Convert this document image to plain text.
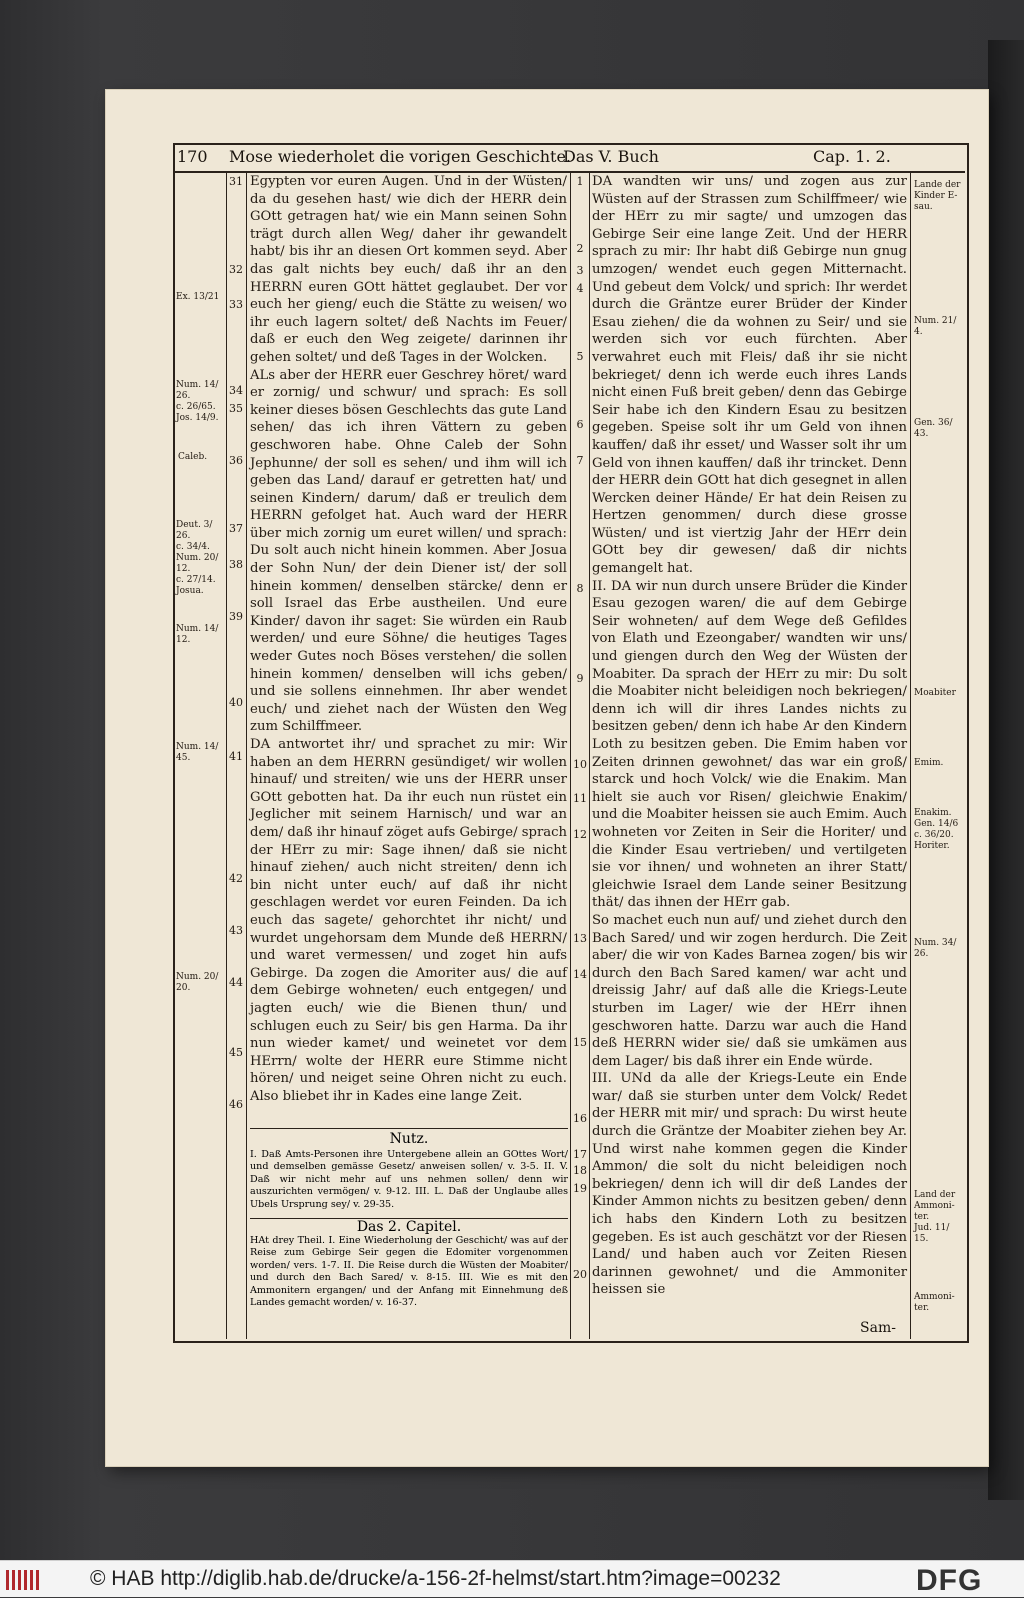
170 Mose wiederholet die vorigen Geschichte.
Das V. Buch	Cap. 1. 2.
Ex. 13/21
Num. 14/
26.
c. 26/65.
Jos. 14/9.
Caleb.
Deut. 3/
26.
c. 34/4.
Num. 20/
12.
c. 27/14.
Josua.
Num. 14/
12.
Num. 14/
45.
Num. 20/
20.
31
32
33
34
35
36
37
38
39
40
41
42
43
44
45
46

Egypten vor euren Augen. Und in der Wüsten/ da du gesehen hast/ wie dich der HERR dein GOtt getragen hat/ wie ein Mann seinen Sohn trägt durch allen Weg/ daher ihr gewandelt habt/ bis ihr an diesen Ort kommen seyd. Aber das galt nichts bey euch/ daß ihr an den HERRN euren GOtt hättet geglaubet. Der vor euch her gieng/ euch die Stätte zu weisen/ wo ihr euch lagern soltet/ deß Nachts im Feuer/ daß er euch den Weg zeigete/ darinnen ihr gehen soltet/ und deß Tages in der Wolcken.

ALs aber der HERR euer Geschrey höret/ ward er zornig/ und schwur/ und sprach: Es soll keiner dieses bösen Geschlechts das gute Land sehen/ das ich ihren Vättern zu geben geschworen habe. Ohne Caleb der Sohn Jephunne/ der soll es sehen/ und ihm will ich geben das Land/ darauf er getretten hat/ und seinen Kindern/ darum/ daß er treulich dem HERRN gefolget hat. Auch ward der HERR über mich zornig um euret willen/ und sprach: Du solt auch nicht hinein kommen. Aber Josua der Sohn Nun/ der dein Diener ist/ der soll hinein kommen/ denselben stärcke/ denn er soll Israel das Erbe austheilen. Und eure Kinder/ davon ihr saget: Sie würden ein Raub werden/ und eure Söhne/ die heutiges Tages weder Gutes noch Böses verstehen/ die sollen hinein kommen/ denselben will ichs geben/ und sie sollens einnehmen. Ihr aber wendet euch/ und ziehet nach der Wüsten den Weg zum Schilffmeer.

DA antwortet ihr/ und sprachet zu mir: Wir haben an dem HERRN gesündiget/ wir wollen hinauf/ und streiten/ wie uns der HERR unser GOtt gebotten hat. Da ihr euch nun rüstet ein Jeglicher mit seinem Harnisch/ und war an dem/ daß ihr hinauf zöget aufs Gebirge/ sprach der HErr zu mir: Sage ihnen/ daß sie nicht hinauf ziehen/ auch nicht streiten/ denn ich bin nicht unter euch/ auf daß ihr nicht geschlagen werdet vor euren Feinden. Da ich euch das sagete/ gehorchtet ihr nicht/ und wurdet ungehorsam dem Munde deß HERRN/ und waret vermessen/ und zoget hin aufs Gebirge. Da zogen die Amoriter aus/ die auf dem Gebirge wohneten/ euch entgegen/ und jagten euch/ wie die Bienen thun/ und schlugen euch zu Seir/ bis gen Harma. Da ihr nun wieder kamet/ und weinetet vor dem HErrn/ wolte der HERR eure Stimme nicht hören/ und neiget seine Ohren nicht zu euch. Also bliebet ihr in Kades eine lange Zeit.

Nutz.
I. Daß Amts-Personen ihre Untergebene allein an GOttes Wort/ und demselben gemässe Gesetz/ anweisen sollen/ v. 3-5. II. V. Daß wir nicht mehr auf uns nehmen sollen/ denn wir auszurichten vermögen/ v. 9-12. III. L. Daß der Unglaube alles Ubels Ursprung sey/ v. 29-35.
Das 2. Capitel.
HAt drey Theil. I. Eine Wiederholung der Geschicht/ was auf der Reise zum Gebirge Seir gegen die Edomiter vorgenommen worden/ vers. 1-7. II. Die Reise durch die Wüsten der Moabiter/ und durch den Bach Sared/ v. 8-15. III. Wie es mit den Ammonitern ergangen/ und der Anfang mit Einnehmung deß Landes gemacht worden/ v. 16-37.
1
2
3
4
5
6
7
8
9
10
11
12
13
14
15
16
17
18
19
20

DA wandten wir uns/ und zogen aus zur Wüsten auf der Strassen zum Schilffmeer/ wie der HErr zu mir sagte/ und umzogen das Gebirge Seir eine lange Zeit. Und der HERR sprach zu mir: Ihr habt diß Gebirge nun gnug umzogen/ wendet euch gegen Mitternacht. Und gebeut dem Volck/ und sprich: Ihr werdet durch die Gräntze eurer Brüder der Kinder Esau ziehen/ die da wohnen zu Seir/ und sie werden sich vor euch fürchten. Aber verwahret euch mit Fleis/ daß ihr sie nicht bekrieget/ denn ich werde euch ihres Lands nicht einen Fuß breit geben/ denn das Gebirge Seir habe ich den Kindern Esau zu besitzen gegeben. Speise solt ihr um Geld von ihnen kauffen/ daß ihr esset/ und Wasser solt ihr um Geld von ihnen kauffen/ daß ihr trincket. Denn der HERR dein GOtt hat dich gesegnet in allen Wercken deiner Hände/ Er hat dein Reisen zu Hertzen genommen/ durch diese grosse Wüsten/ und ist viertzig Jahr der HErr dein GOtt bey dir gewesen/ daß dir nichts gemangelt hat.

II. DA wir nun durch unsere Brüder die Kinder Esau gezogen waren/ die auf dem Gebirge Seir wohneten/ auf dem Wege deß Gefildes von Elath und Ezeongaber/ wandten wir uns/ und giengen durch den Weg der Wüsten der Moabiter. Da sprach der HErr zu mir: Du solt die Moabiter nicht beleidigen noch bekriegen/ denn ich will dir ihres Landes nichts zu besitzen geben/ denn ich habe Ar den Kindern Loth zu besitzen geben. Die Emim haben vor Zeiten drinnen gewohnet/ das war ein groß/ starck und hoch Volck/ wie die Enakim. Man hielt sie auch vor Risen/ gleichwie Enakim/ und die Moabiter heissen sie auch Emim. Auch wohneten vor Zeiten in Seir die Horiter/ und die Kinder Esau vertrieben/ und vertilgeten sie vor ihnen/ und wohneten an ihrer Statt/ gleichwie Israel dem Lande seiner Besitzung thät/ das ihnen der HErr gab.

So machet euch nun auf/ und ziehet durch den Bach Sared/ und wir zogen herdurch. Die Zeit aber/ die wir von Kades Barnea zogen/ bis wir durch den Bach Sared kamen/ war acht und dreissig Jahr/ auf daß alle die Kriegs-Leute sturben im Lager/ wie der HErr ihnen geschworen hatte. Darzu war auch die Hand deß HERRN wider sie/ daß sie umkämen aus dem Lager/ bis daß ihrer ein Ende würde.

III. UNd da alle der Kriegs-Leute ein Ende war/ daß sie sturben unter dem Volck/ Redet der HERR mit mir/ und sprach: Du wirst heute durch die Gräntze der Moabiter ziehen bey Ar. Und wirst nahe kommen gegen die Kinder Ammon/ die solt du nicht beleidigen noch bekriegen/ denn ich will dir deß Landes der Kinder Ammon nichts zu besitzen geben/ denn ich habs den Kindern Loth zu besitzen gegeben. Es ist auch geschätzt vor der Riesen Land/ und haben auch vor Zeiten Riesen darinnen gewohnet/ und die Ammoniter heissen sie

Lande der
Kinder E-
sau.
Num. 21/
4.
Gen. 36/
43.
Moabiter
Emim.
Enakim.
Gen. 14/6
c. 36/20.
Horiter.
Num. 34/
26.
Land der
Ammoni-
ter.
Jud. 11/
15.
Ammoni-
ter.
Sam-
© HAB http://diglib.hab.de/drucke/a-156-2f-helmst/start.htm?image=00232	DFG
